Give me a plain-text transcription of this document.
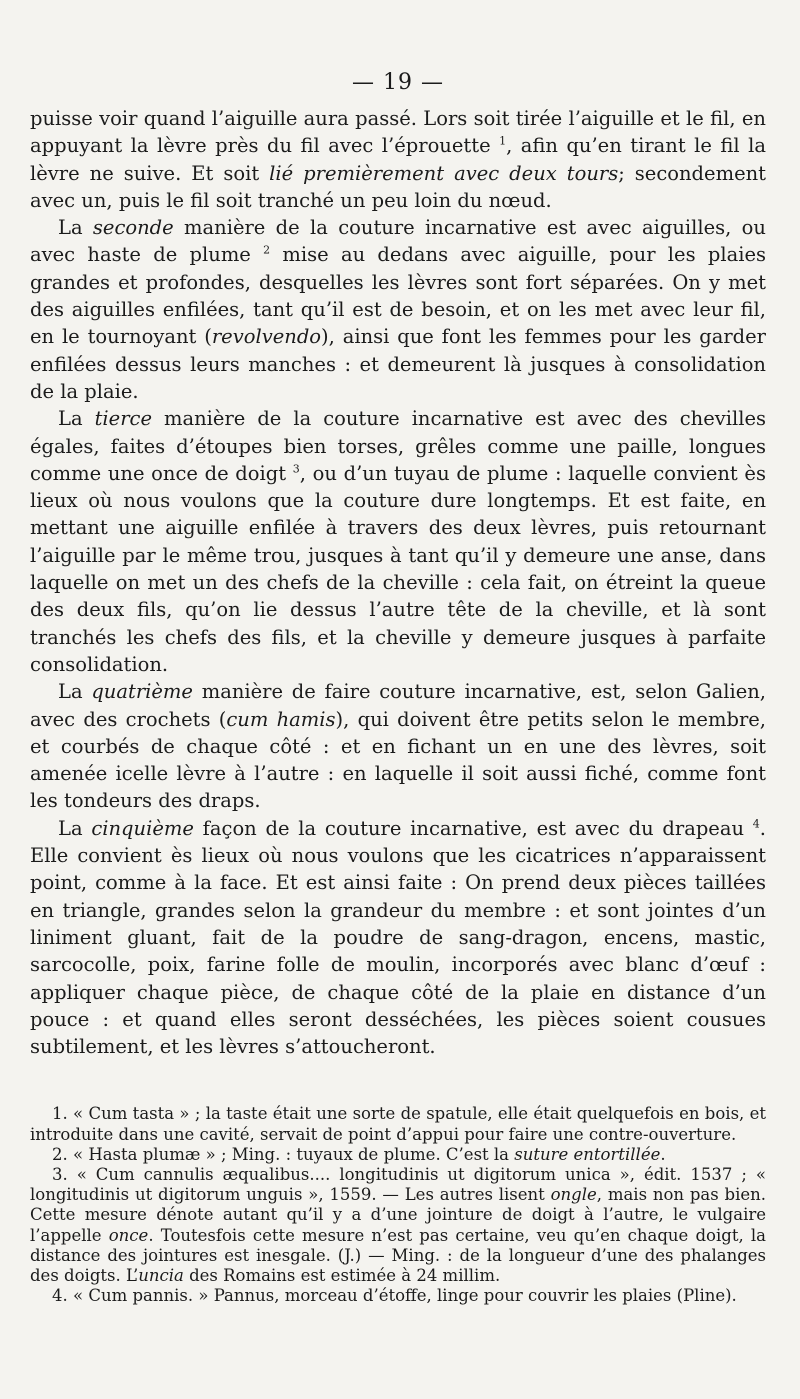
— 19 —

puisse voir quand l’aiguille aura passé. Lors soit tirée l’aiguille et le fil, en appuyant la lèvre près du fil avec l’éprouette $^1$, afin qu’en tirant le fil la lèvre ne suive. Et soit lié premièrement avec deux tours; secondement avec un, puis le fil soit tranché un peu loin du nœud.

La seconde manière de la couture incarnative est avec aiguilles, ou avec haste de plume $^2$ mise au dedans avec aiguille, pour les plaies grandes et profondes, desquelles les lèvres sont fort séparées. On y met des aiguilles enfilées, tant qu’il est de besoin, et on les met avec leur fil, en le tournoyant (revolvendo), ainsi que font les femmes pour les garder enfilées dessus leurs manches : et demeurent là jusques à consolidation de la plaie.

La tierce manière de la couture incarnative est avec des chevilles égales, faites d’étoupes bien torses, grêles comme une paille, longues comme une once de doigt $^3$, ou d’un tuyau de plume : laquelle convient ès lieux où nous voulons que la couture dure longtemps. Et est faite, en mettant une aiguille enfilée à travers des deux lèvres, puis retournant l’aiguille par le même trou, jusques à tant qu’il y demeure une anse, dans laquelle on met un des chefs de la cheville : cela fait, on étreint la queue des deux fils, qu’on lie dessus l’autre tête de la cheville, et là sont tranchés les chefs des fils, et la cheville y demeure jusques à parfaite consolidation.

La quatrième manière de faire couture incarnative, est, selon Galien, avec des crochets (cum hamis), qui doivent être petits selon le membre, et courbés de chaque côté : et en fichant un en une des lèvres, soit amenée icelle lèvre à l’autre : en laquelle il soit aussi fiché, comme font les tondeurs des draps.

La cinquième façon de la couture incarnative, est avec du drapeau $^4$. Elle convient ès lieux où nous voulons que les cicatrices n’apparaissent point, comme à la face. Et est ainsi faite : On prend deux pièces taillées en triangle, grandes selon la grandeur du membre : et sont jointes d’un liniment gluant, fait de la poudre de sang-dragon, encens, mastic, sarcocolle, poix, farine folle de moulin, incorporés avec blanc d’œuf : appliquer chaque pièce, de chaque côté de la plaie en distance d’un pouce : et quand elles seront desséchées, les pièces soient cousues subtilement, et les lèvres s’attoucheront.

1. « Cum tasta » ; la taste était une sorte de spatule, elle était quelquefois en bois, et introduite dans une cavité, servait de point d’appui pour faire une contre-ouverture.

2. « Hasta plumæ » ; Ming. : tuyaux de plume. C’est la suture entortillée.

3. « Cum cannulis æqualibus.... longitudinis ut digitorum unica », édit. 1537 ; « longitudinis ut digitorum unguis », 1559. — Les autres lisent ongle, mais non pas bien. Cette mesure dénote autant qu’il y a d’une jointure de doigt à l’autre, le vulgaire l’appelle once. Toutesfois cette mesure n’est pas certaine, veu qu’en chaque doigt, la distance des jointures est inesgale. (J.) — Ming. : de la longueur d’une des phalanges des doigts. L’uncia des Romains est estimée à 24 millim.

4. « Cum pannis. » Pannus, morceau d’étoffe, linge pour couvrir les plaies (Pline).
